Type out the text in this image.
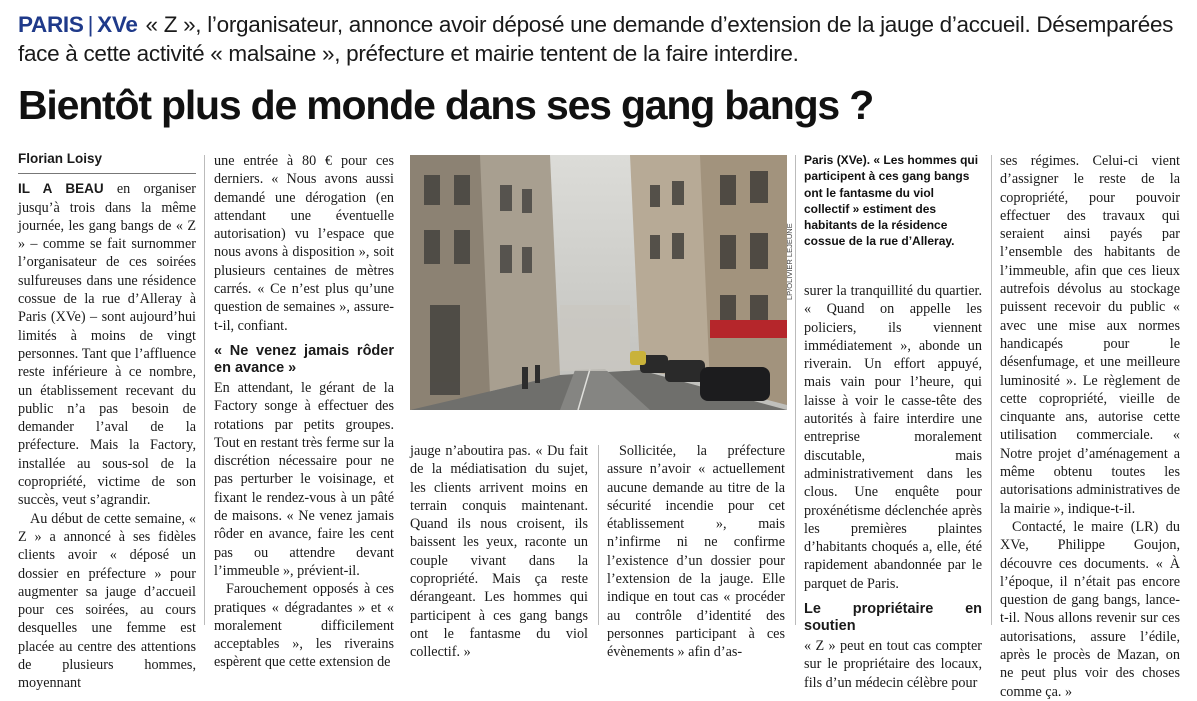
PARIS | XVe « Z », l’organisateur, annonce avoir déposé une demande d’extension de la jauge d’accueil. Désemparées face à cette activité « malsaine », préfecture et mairie tentent de la faire interdire.
Bientôt plus de monde dans ses gang bangs ?
Florian Loisy

IL A BEAU en organiser jusqu’à trois dans la même journée, les gang bangs de « Z » – comme se fait surnommer l’organisateur de ces soirées sulfureuses dans une résidence cossue de la rue d’Alleray à Paris (XVe) – sont aujourd’hui limités à moins de vingt personnes. Tant que l’affluence reste inférieure à ce nombre, un établissement recevant du public n’a pas besoin de demander l’aval de la préfecture. Mais la Factory, installée au sous-sol de la copropriété, victime de son succès, veut s’agrandir.

Au début de cette semaine, « Z » a annoncé à ses fidèles clients avoir « déposé un dossier en préfecture » pour augmenter sa jauge d’accueil pour ces soirées, au cours desquelles une femme est placée au centre des attentions de plusieurs hommes, moyennant

une entrée à 80 € pour ces derniers. « Nous avons aussi demandé une dérogation (en attendant une éventuelle autorisation) vu l’espace que nous avons à disposition », soit plusieurs centaines de mètres carrés. « Ce n’est plus qu’une question de semaines », assure-t-il, confiant.

« Ne venez jamais rôder en avance »

En attendant, le gérant de la Factory songe à effectuer des rotations par petits groupes. Tout en restant très ferme sur la discrétion nécessaire pour ne pas perturber le voisinage, et fixant le rendez-vous à un pâté de maisons. « Ne venez jamais rôder en avance, faire les cent pas ou attendre devant l’immeuble », prévient-il.

Farouchement opposés à ces pratiques « dégradantes » et « moralement difficilement acceptables », les riverains espèrent que cette extension de

LP/OLIVIER LEJEUNE

jauge n’aboutira pas. « Du fait de la médiatisation du sujet, les clients arrivent moins en terrain conquis maintenant. Quand ils nous croisent, ils baissent les yeux, raconte un couple vivant dans la copropriété. Mais ça reste dérangeant. Les hommes qui participent à ces gang bangs ont le fantasme du viol collectif. »

Sollicitée, la préfecture assure n’avoir « actuellement aucune demande au titre de la sécurité incendie pour cet établissement », mais n’infirme ni ne confirme l’existence d’un dossier pour l’extension de la jauge. Elle indique en tout cas « procéder au contrôle d’identité des personnes participant à ces évènements » afin d’as-

Paris (XVe). « Les hommes qui participent à ces gang bangs ont le fantasme du viol collectif » estiment des habitants de la résidence cossue de la rue d’Alleray.

surer la tranquillité du quartier. « Quand on appelle les policiers, ils viennent immédiatement », abonde un riverain. Un effort appuyé, mais vain pour l’heure, qui laisse à voir le casse-tête des autorités à faire interdire une entreprise moralement discutable, mais administrativement dans les clous. Une enquête pour proxénétisme déclenchée après les premières plaintes d’habitants choqués a, elle, été rapidement abandonnée par le parquet de Paris.

Le propriétaire en soutien

« Z » peut en tout cas compter sur le propriétaire des locaux, fils d’un médecin célèbre pour

ses régimes. Celui-ci vient d’assigner le reste de la copropriété, pour pouvoir effectuer des travaux qui seraient ainsi payés par l’ensemble des habitants de l’immeuble, afin que ces lieux autrefois dévolus au stockage puissent recevoir du public « avec une mise aux normes handicapés pour le désenfumage, et une meilleure luminosité ». Le règlement de cette copropriété, vieille de cinquante ans, autorise cette utilisation commerciale. « Notre projet d’aménagement a même obtenu toutes les autorisations administratives de la mairie », indique-t-il.

Contacté, le maire (LR) du XVe, Philippe Goujon, découvre ces documents. « À l’époque, il n’était pas encore question de gang bangs, lance-t-il. Nous allons revenir sur ces autorisations, assure l’édile, après le procès de Mazan, on ne peut plus voir des choses comme ça. »
